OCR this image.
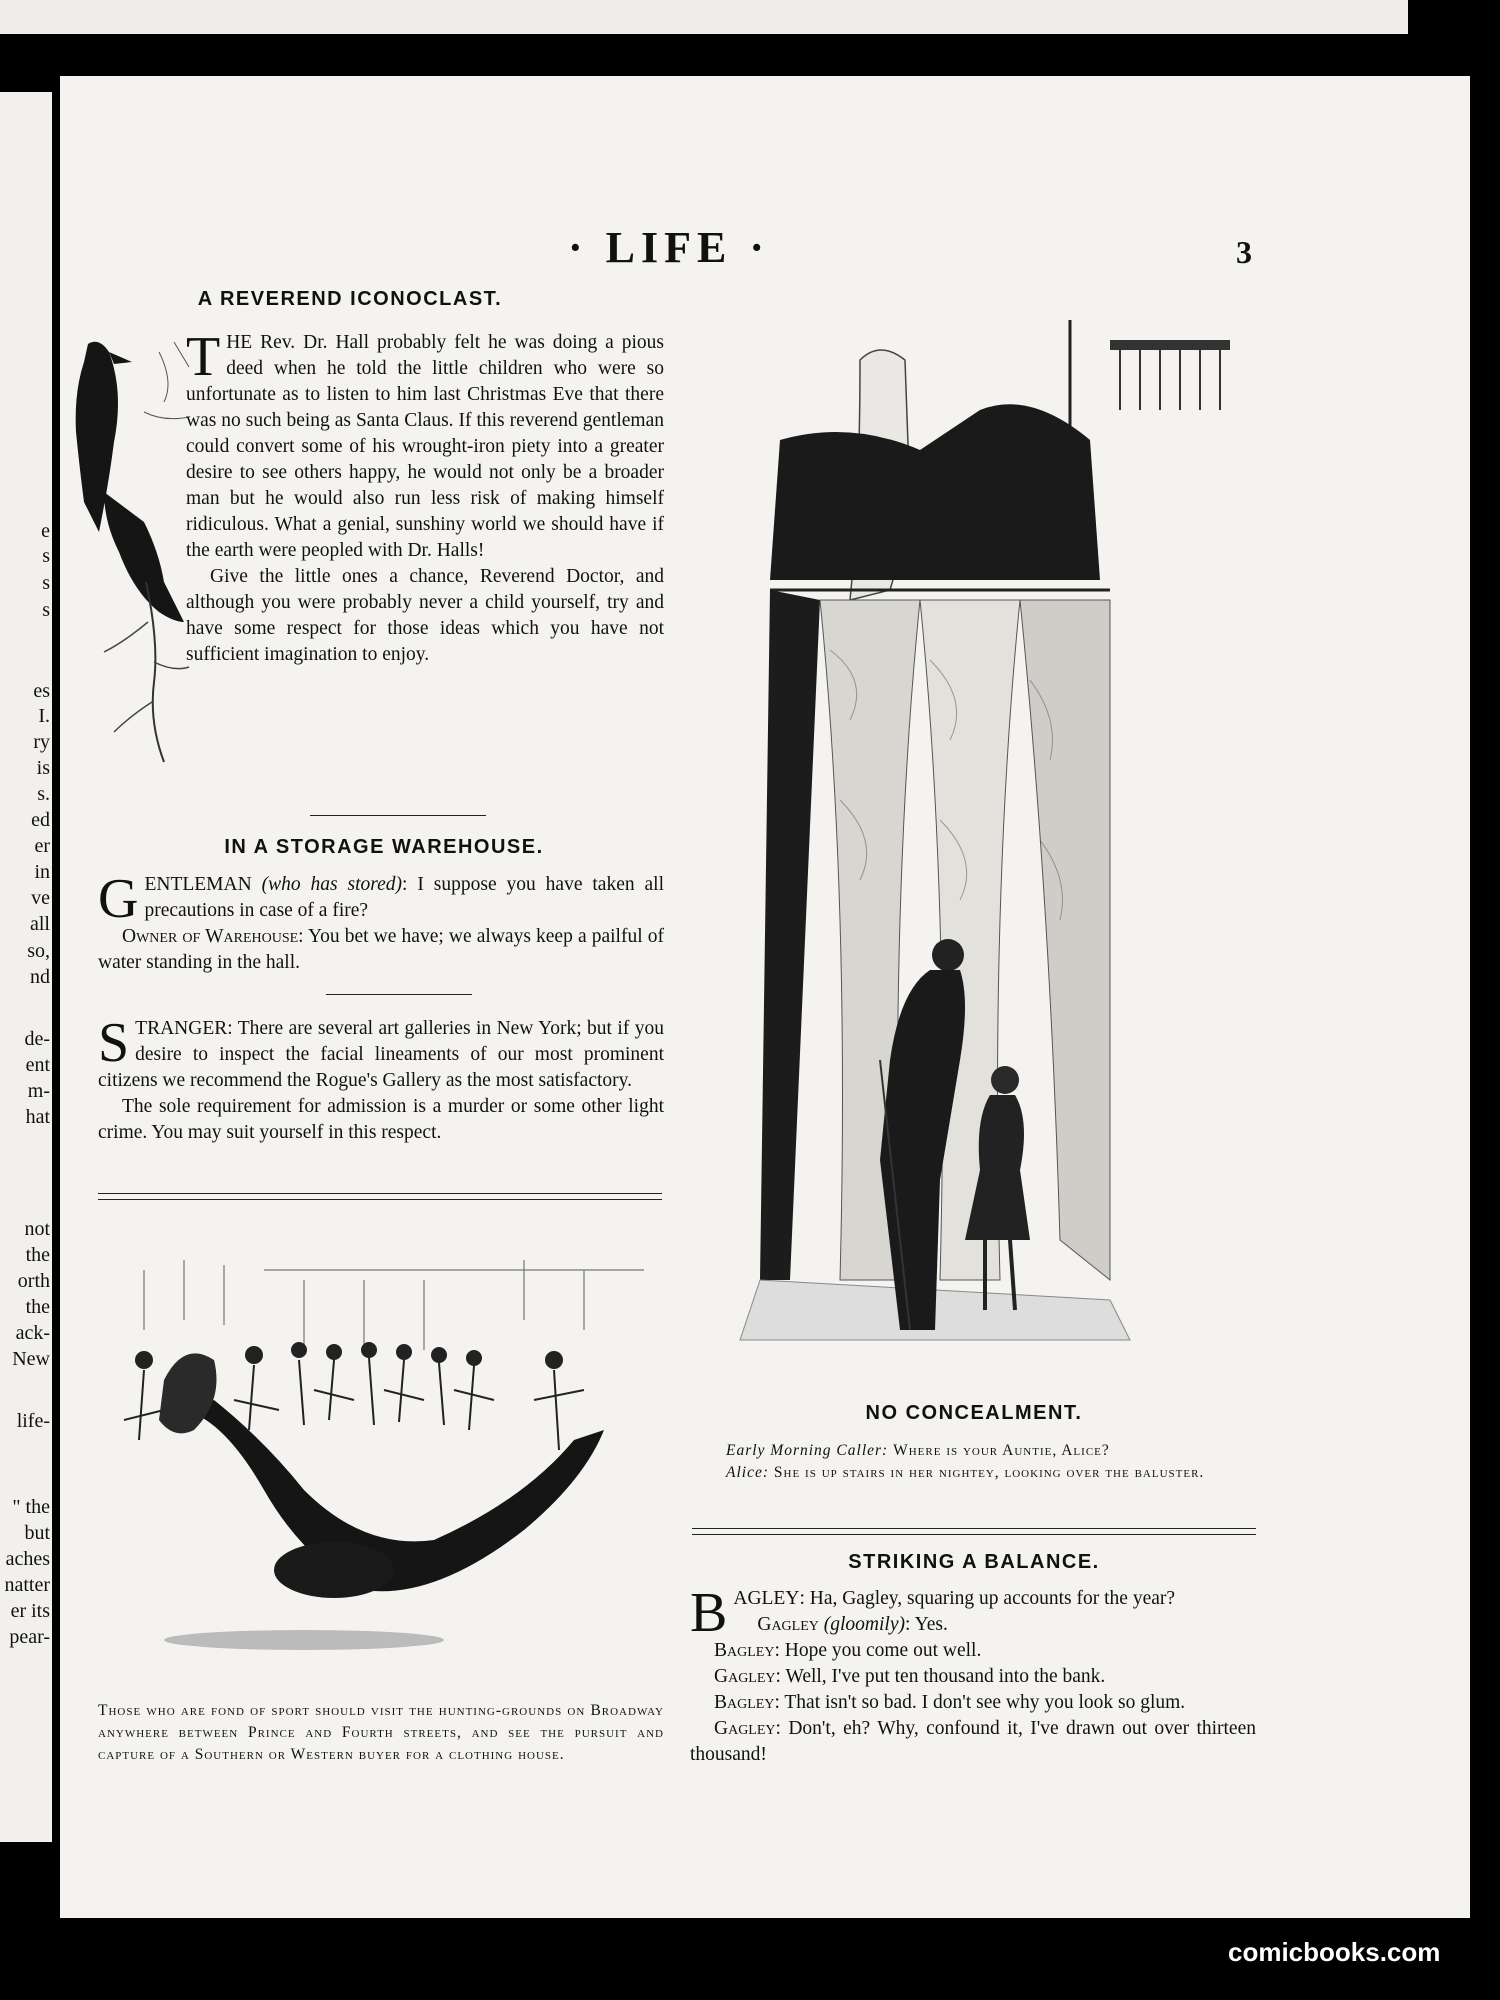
e
s
s
s
es
I.
ry
is
s.
ed
er
in
ve
all
so,
nd
de-
ent
m-
hat
not
the
orth
the
ack-
New
life-
" the
but
aches
natter
er its
pear-
· LIFE ·	3
A REVEREND ICONOCLAST.

THE Rev. Dr. Hall probably felt he was doing a pious deed when he told the little children who were so unfortunate as to listen to him last Christmas Eve that there was no such being as Santa Claus. If this reverend gentleman could convert some of his wrought-iron piety into a greater desire to see others happy, he would not only be a broader man but he would also run less risk of making himself ridiculous. What a genial, sunshiny world we should have if the earth were peopled with Dr. Halls!

Give the little ones a chance, Reverend Doctor, and although you were probably never a child yourself, try and have some respect for those ideas which you have not sufficient imagination to enjoy.

IN A STORAGE WAREHOUSE.

GENTLEMAN (who has stored): I suppose you have taken all precautions in case of a fire?

Owner of Warehouse: You bet we have; we always keep a pailful of water standing in the hall.

STRANGER: There are several art galleries in New York; but if you desire to inspect the facial lineaments of our most prominent citizens we recommend the Rogue's Gallery as the most satisfactory.

The sole requirement for admission is a murder or some other light crime. You may suit yourself in this respect.

Those who are fond of sport should visit the hunting-grounds on Broadway anywhere between Prince and Fourth streets, and see the pursuit and capture of a Southern or Western buyer for a clothing house.
NO CONCEALMENT.

Early Morning Caller: Where is your Auntie, Alice?

Alice: She is up stairs in her nightey, looking over the baluster.

STRIKING A BALANCE.

BAGLEY: Ha, Gagley, squaring up accounts for the year?

Gagley (gloomily): Yes.

Bagley: Hope you come out well.

Gagley: Well, I've put ten thousand into the bank.

Bagley: That isn't so bad. I don't see why you look so glum.

Gagley: Don't, eh? Why, confound it, I've drawn out over thirteen thousand!

comicbooks.com
